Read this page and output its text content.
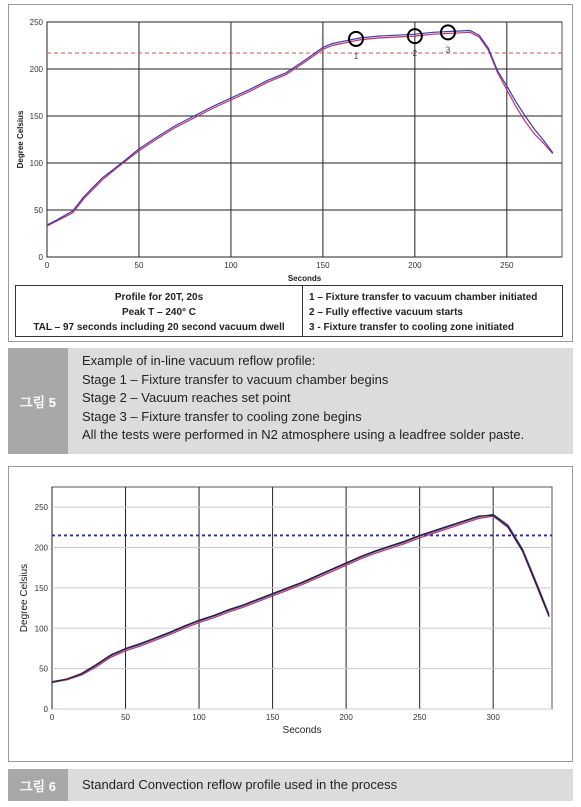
0	50	100	150	200	250
0
50
100
150
200
250
1	2	3
Seconds
Degree Celsius
Profile for 20T, 20s
Peak T – 240° C
TAL – 97 seconds including 20 second vacuum dwell
1 – Fixture transfer to vacuum chamber initiated
2 – Fully effective vacuum starts
3 - Fixture transfer to cooling zone initiated
그림 5
Example of in-line vacuum reflow profile:
Stage 1 – Fixture transfer to vacuum chamber begins
Stage 2 – Vacuum reaches set point
Stage 3 – Fixture transfer to cooling zone begins
All the tests were performed in N2 atmosphere using a leadfree solder paste.
0	50	100	150	200	250	300
0
50
100
150
200
250
Seconds
Degree Celsius
그림 6	Standard Convection reflow profile used in the process
